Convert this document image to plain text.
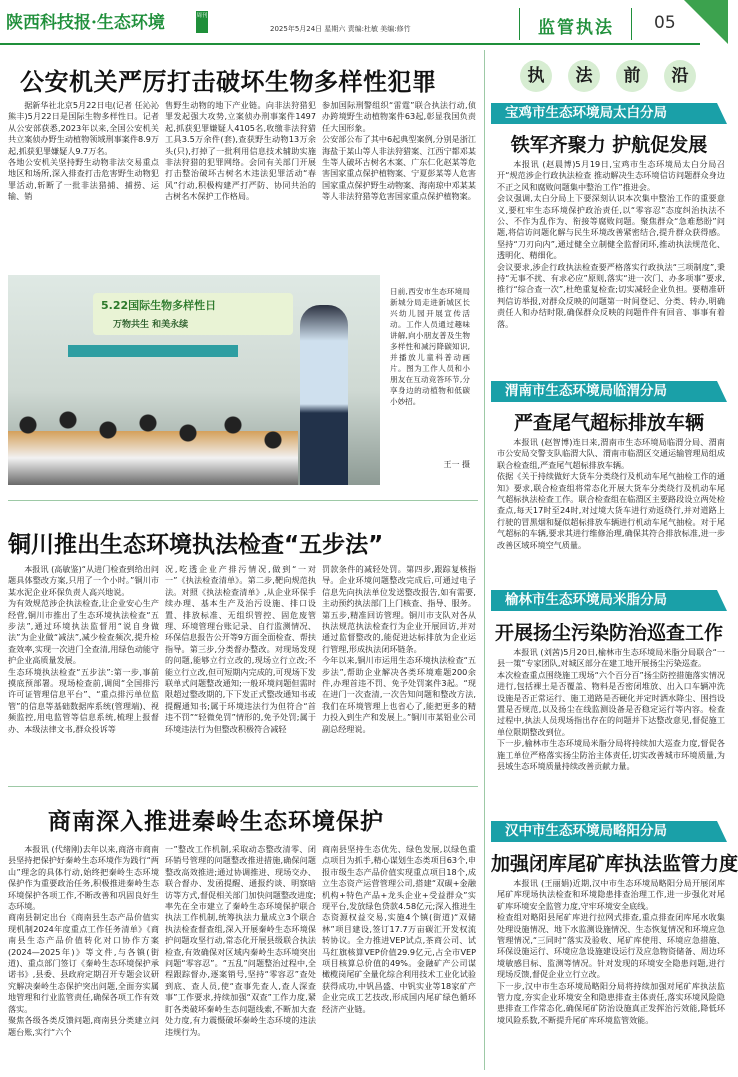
陕西科技报·生态环境	周刊
2025年5月24日 星期六 责编:杜敏 美编:修竹	监管执法 05
公安机关严厉打击破坏生物多样性犯罪

据新华社北京5月22日电(记者 任沁沁 熊丰)5月22日是国际生物多样性日。记者从公安部获悉,2023年以来,全国公安机关共立案侦办野生动植物领域刑事案件8.9万起,抓获犯罪嫌疑人9.7万名。
各地公安机关坚持野生动物非法交易重点地区和场所,深入排查打击危害野生动物犯罪活动,斩断了一批非法猎捕、捕捞、运输、销

售野生动物的地下产业链。向非法狩猎犯罪发起强大攻势,立案侦办刑事案件1497起,抓获犯罪嫌疑人4105名,收缴非法狩猎工具3.5万余件(套),查获野生动物13万余头(只),打掉了一批利用信息技术辅助实施非法狩猎的犯罪网络。会同有关部门开展打击整治破坏古树名木违法犯罪活动“春风”行动,积极构建严打严防、协同共治的古树名木保护工作格局。

参加国际刑警组织“雷霆”联合执法行动,侦办跨境野生动植物案件63起,彰显我国负责任大国形象。
公安部公布了其中6起典型案例,分别是浙江海盐于某山等人非法狩猎案、江西宁都邓某生等人破坏古树名木案、广东仁化赵某等危害国家重点保护植物案、宁夏彭某等人危害国家重点保护野生动物案、海南琼中邓某某等人非法狩猎等危害国家重点保护植物案。

5.22国际生物多样性日
万物共生 和美永续
日前,西安市生态环境局新城分局走进新城区长兴幼儿园开展宣传活动。工作人员通过趣味讲解,向小朋友普及生物多样性和减污降碳知识,并播放儿童科普动画片。图为工作人员和小朋友在互动竞答环节,分享身边的动植物和低碳小妙招。
王一 摄
铜川推出生态环境执法检查“五步法”

本报讯 (高敏鉴)“从进门检查到给出问题具体整改方案,只用了一个小时。”铜川市某水泥企业环保负责人高兴地说。
为有效规范涉企执法检查,让企业安心生产经营,铜川市推出了生态环境执法检查“五步法”,通过环境执法监督用“说自身做法”为企业做“减法”,减少检查频次,提升检查效率,实现一次进门全查清,用绿色动能守护企业高质量发展。
生态环境执法检查“五步法”:第一步,事前摸底预部署。现场检查前,调阅“全国排污许可证管理信息平台”、“重点排污单位监管”的信息等基础数据库系统(管理端)、视频监控,用电监管等信息系统,梳理上报督办、本级法律文书,群众投诉等

况,吃透企业产排污情况,做到“一对一”《执法检查清单》。第二步,靶向规范执法。对照《执法检查清单》,从企业环保手续办理、基本生产及治污设施、排口设置、排放标准、无组织管控、固危废管理、环境管理台账记录、自行监测情况、环保信息报告公开等9方面全面检查、帮扶指导。第三步,分类督办整改。对现场发现的问题,能够立行立改的,现场立行立改;不能立行立改,但可短期内完成的,可现场下发联单式问题整改通知;一般环境问题但需时限超过整改期的,下下发正式整改通知书或提醒通知书;属于环境违法行为但符合“首违不罚”“轻微免罚”情形的,免予处罚;属于环境违法行为但整改积极符合减轻

罚款条件的减轻处罚。第四步,跟踪复核指导。企业环境问题整改完成后,可通过电子信息先向执法单位发送整改报告,如有需要,主动预约执法部门上门核查、指导、服务。第五步,精准回访管理。铜川市支队对各从执法规范执法检查行为企业开展回访,并对通过监督整改的,能促进达标排放为企业运行管理,形成执法闭环链条。
今年以来,铜川市运用生态环境执法检查“五步法”,帮助企业解决各类环境难题200余件,办理首违不罚、免予处罚案件3起。“现在进门一次查清,一次告知问题和整改方法,我们在环境管理上也省心了,能把更多的精力投入到生产和发展上。”铜川市某铝业公司副总经理说。

商南深入推进秦岭生态环境保护

本报讯 (代绪刚)去年以来,商洛市商南县坚持把保护好秦岭生态环境作为践行“两山”理念的具体行动,始终把秦岭生态环境保护作为重要政治任务,积极推进秦岭生态环境保护各项工作,不断改善和巩固良好生态环境。
商南县制定出台《商南县生态产品价值实现机制2024年度重点工作任务清单》《商南县生态产品价值转化对口协作方案(2024—2025年)》等文件,与各镇(街道)、重点部门签订《秦岭生态环境保护承诺书》,县委、县政府定期召开专题会议研究解决秦岭生态保护突出问题,全面夯实属地管理和行业监管责任,确保各项工作有效落实。
聚焦各级各类反馈问题,商南县分类建立问题台账,实行“六个

一”整改工作机制,采取动态整改清零、闭环销号管理的问题整改推进措施,确保问题整改高效推进;通过协调推进、现场交办、联合督办、发函提醒、通报约谈、明察暗访等方式,督促相关部门加快问题整改进度;率先在全市建立了秦岭生态环境保护联合执法工作机制,统筹执法力量成立3个联合执法检查督查组,深入开展秦岭生态环境保护问题攻坚行动,常态化开展县级联合执法检查,有效确保对区域内秦岭生态环境突出问题“零容忍”。“五乱”问题整治过程中,全程跟踪督办,逐案销号,坚持“零容忍”查处到底、查人员,使“查事先查人,查人深查事”工作要求,持续加强“双查”工作力度,紧盯各类破坏秦岭生态问题线索,不断加大查处力度,有力震慑破坏秦岭生态环境的违法违规行为。

商南县坚持生态优先、绿色发展,以绿色重点项目为抓手,精心谋划生态类项目63个,申报市级生态产品价值实现重点项目18个,成立生态资产运营管理公司,搭建“双碳+金融机构+特色产品+龙头企业+受益群众”实现平台,发放绿色贷款4.58亿元;深入推进生态资源权益交易,实施4个镇(街道)“双储林”项目建设,签订17.7万亩碳汇开发权流转协议。全力推进VEP试点,茶商公司、试马红旗核算VEP价值29.9亿元,占全市VEP项目核算总价值的49%。金融矿产公司谋橄榄岗尾矿全量化综合利用技术工业化试验获得成功,中钒昌盛、中钒实业等18家矿产企业完成工艺技改,形成国内尾矿绿色循环经济产业链。

执	法	前	沿
宝鸡市生态环境局太白分局
铁军齐聚力 护航促发展

本报讯 (赵晨博)5月19日,宝鸡市生态环境局太白分局召开“规范涉企行政执法检查 推动解决生态环境信访问题群众身边不正之风和腐败问题集中整治工作”推进会。
会议强调,太白分局上下要深刻认识本次集中整治工作的重要意义,要杠牢生态环境保护政治责任,以“零容忍”态度纠治执法不公、不作为乱作为、衔接等腐败问题。聚焦群众“急难愁盼”问题,将信访问题化解与民生环境改善紧密结合,提升群众获得感。坚持“刀刃向内”,通过健全立制健全监督闭环,推动执法规范化、透明化、精细化。
会议要求,涉企行政执法检查要严格落实行政执法“三项制度”,秉持“无事不扰、有求必应”原则,落实“进一次门、办多项事”要求,推行“综合查一次”,杜绝重复检查;切实减轻企业负担。要精准研判信访举报,对群众反映的问题第一时间登记、分类、转办,明确责任人和办结时限,确保群众反映的问题件件有回音、事事有着落。

渭南市生态环境局临渭分局
严查尾气超标排放车辆

本报讯 (赵智博)连日来,渭南市生态环境局临渭分局、渭南市公安局交警支队临渭大队、渭南市临渭区交通运输管理局组成联合检查组,严查尾气超标排放车辆。
依据《关于持续做好大货车分类绕行及机动车尾气抽检工作的通知》要求,联合检查组将常态化开展大货车分类绕行及机动车尾气超标执法检查工作。联合检查组在临渭区主要路段设立两处检查点,每天17时至24时,对过境大货车进行劝返绕行,并对道路上行驶的冒黑烟和疑似超标排放车辆进行机动车尾气抽检。对于尾气超标的车辆,要求其进行维修治理,确保其符合排放标准,进一步改善区域环境空气质量。

榆林市生态环境局米脂分局
开展扬尘污染防治巡查工作

本报讯 (刘茜)5月20日,榆林市生态环境局米脂分局联合“一县一策”专家团队,对城区部分在建工地开展扬尘污染巡查。
本次检查重点围绕施工现场“六个百分百”扬尘防控措施落实情况进行,包括裸土是否覆盖、物料是否密闭堆放、出入口车辆冲洗设施是否正常运行、施工道路是否硬化并定时洒水降尘、围挡设置是否规范,以及扬尘在线监测设备是否稳定运行等内容。检查过程中,执法人员现场指出存在的问题并下达整改意见,督促施工单位限期整改到位。
下一步,榆林市生态环境局米脂分局将持续加大巡查力度,督促各施工单位严格落实扬尘防治主体责任,切实改善城市环境质量,为县域生态环境质量持续改善贡献力量。

汉中市生态环境局略阳分局
加强闭库尾矿库执法监管力度

本报讯 (王丽娟)近期,汉中市生态环境局略阳分局开展闭库尾矿库现场执法检查和环境隐患排查治理工作,进一步强化对尾矿库环境安全监管力度,守牢环境安全底线。
检查组对略阳县尾矿库进行拉网式排查,重点排查闭库尾水收集处理设施情况、地下水监测设施情况、生态恢复情况和环境应急管理情况,“三同时”落实及验收、尾矿库使用、环境应急措施、环保设施运行、环境应急设施建设运行及应急物资储备、周边环境敏感目标、监测等情况。针对发现的环境安全隐患问题,进行现场反馈,督促企业立行立改。
下一步,汉中市生态环境局略阳分局将持续加强对尾矿库执法监管力度,夯实企业环境安全和隐患排查主体责任,落实环境风险隐患排查工作常态化,确保尾矿防治设施真正发挥治污效能,降低环境风险系数,不断提升尾矿库环境监管效能。
